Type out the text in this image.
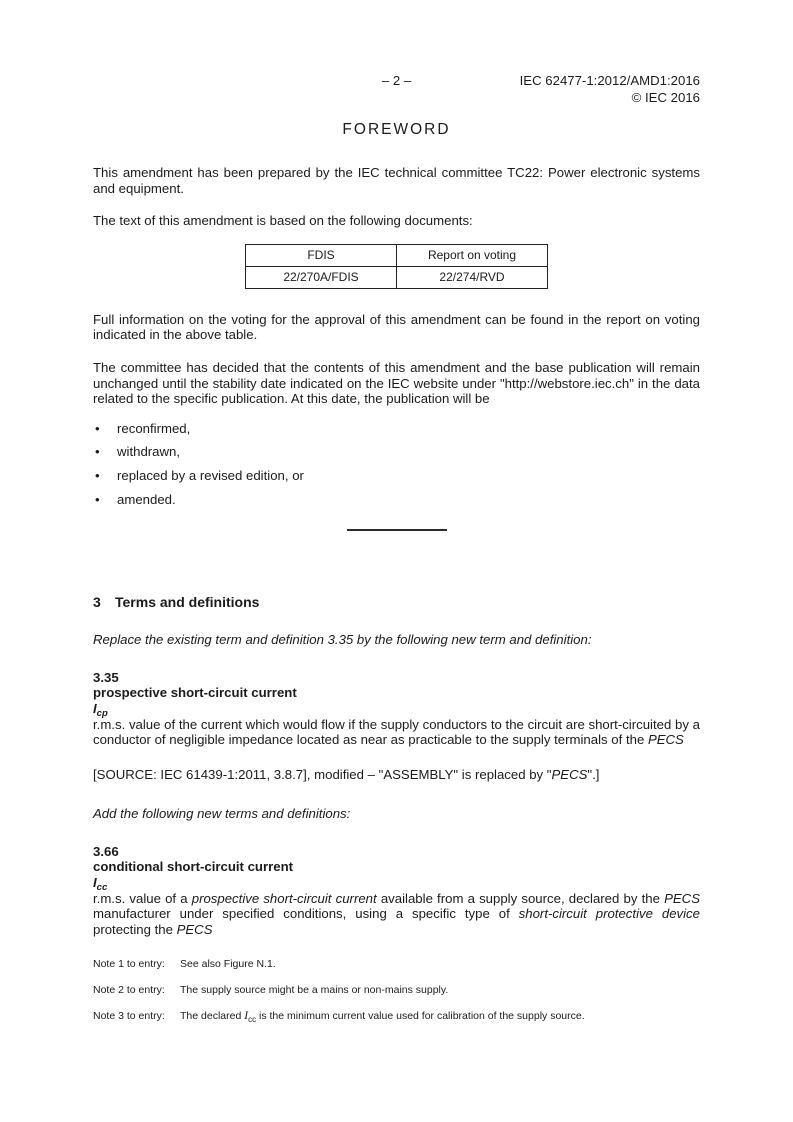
– 2 –	IEC 62477-1:2012/AMD1:2016
© IEC 2016
FOREWORD

This amendment has been prepared by the IEC technical committee TC22: Power electronic systems and equipment.

The text of this amendment is based on the following documents:

FDIS	Report on voting
22/270A/FDIS	22/274/RVD

Full information on the voting for the approval of this amendment can be found in the report on voting indicated in the above table.

The committee has decided that the contents of this amendment and the base publication will remain unchanged until the stability date indicated on the IEC website under "http://webstore.iec.ch" in the data related to the specific publication. At this date, the publication will be

• reconfirmed,
• withdrawn,
• replaced by a revised edition, or
• amended.
3 Terms and definitions

Replace the existing term and definition 3.35 by the following new term and definition:

3.35
prospective short-circuit current
$I_{cp}$

r.m.s. value of the current which would flow if the supply conductors to the circuit are short-circuited by a conductor of negligible impedance located as near as practicable to the supply terminals of the PECS

[SOURCE: IEC 61439-1:2011, 3.8.7], modified – "ASSEMBLY" is replaced by "PECS".]

Add the following new terms and definitions:

3.66
conditional short-circuit current
$I_{cc}$

r.m.s. value of a prospective short-circuit current available from a supply source, declared by the PECS manufacturer under specified conditions, using a specific type of short-circuit protective device protecting the PECS

Note 1 to entry: See also Figure N.1.
Note 2 to entry: The supply source might be a mains or non-mains supply.
Note 3 to entry: The declared $I_{cc}$ is the minimum current value used for calibration of the supply source.
